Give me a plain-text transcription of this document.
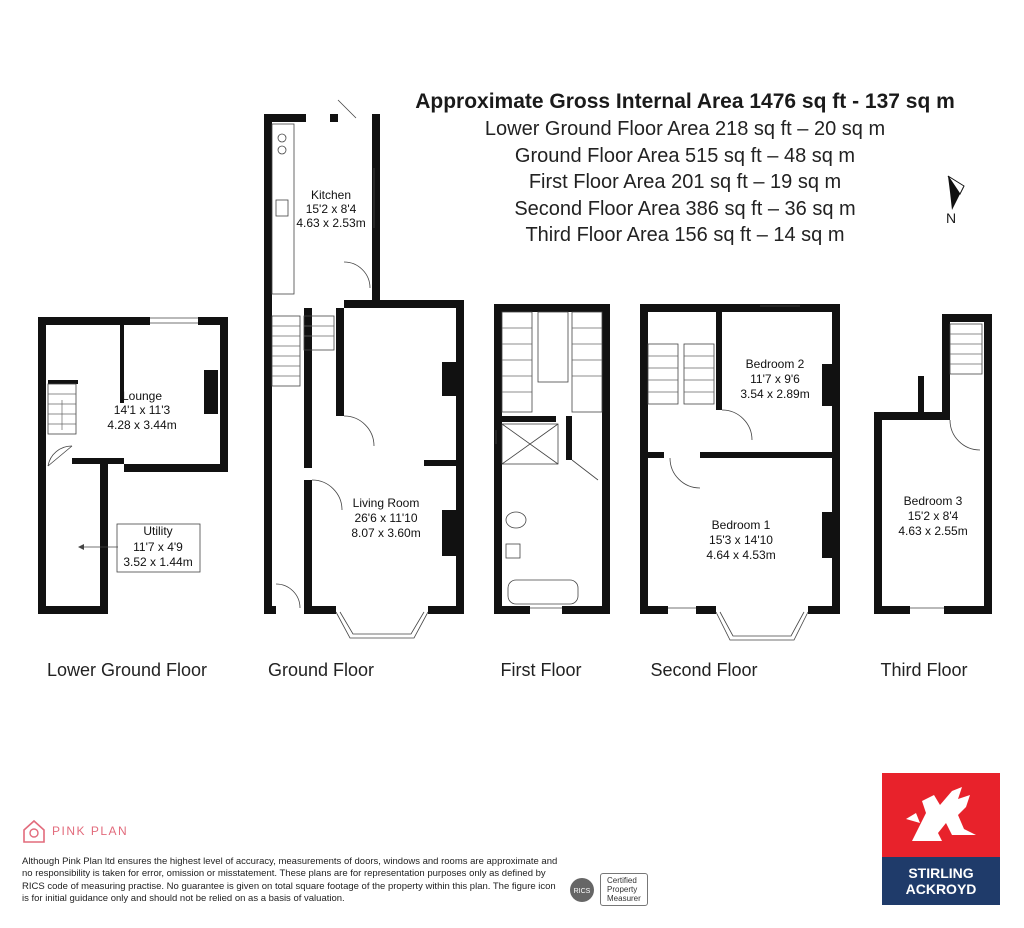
Approximate Gross Internal Area 1476 sq ft - 137 sq m
Lower Ground Floor Area 218 sq ft – 20 sq m
Ground Floor Area 515 sq ft – 48 sq m
First Floor Area 201 sq ft – 19 sq m
Second Floor Area 386 sq ft – 36 sq m
Third Floor Area 156 sq ft – 14 sq m
N
Kitchen
15'2 x 8'4
4.63 x 2.53m
Lounge
14'1 x 11'3
4.28 x 3.44m
Utility
11'7 x 4'9
3.52 x 1.44m
Living Room
26'6 x 11'10
8.07 x 3.60m
Bedroom 2
11'7 x 9'6
3.54 x 2.89m
Bedroom 1
15'3 x 14'10
4.64 x 4.53m
Bedroom 3
15'2 x 8'4
4.63 x 2.55m
Lower Ground Floor	Ground Floor	First Floor	Second Floor	Third Floor
PINK PLAN
Although Pink Plan ltd ensures the highest level of accuracy, measurements of doors, windows and rooms are approximate and no responsibility is taken for error, omission or misstatement. These plans are for representation purposes only as defined by RICS code of measuring practise. No guarantee is given on total square footage of the property within this plan. The figure icon is for initial guidance only and should not be relied on as a basis of valuation.
RICS
Certified
Property
Measurer
STIRLING
ACKROYD
